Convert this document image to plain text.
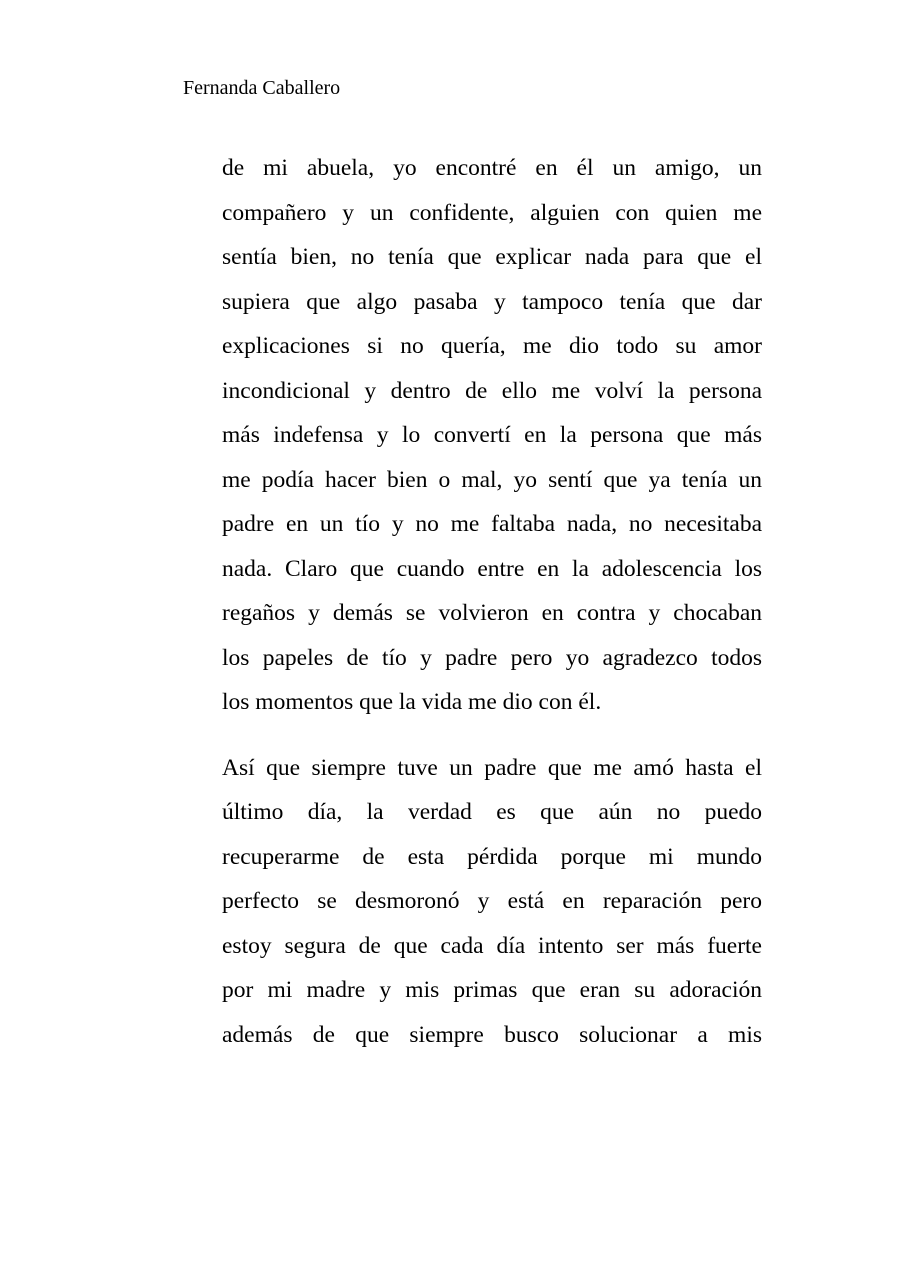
Fernanda Caballero

de mi abuela, yo encontré en él un amigo, un
compañero y un confidente, alguien con quien me
sentía bien, no tenía que explicar nada para que el
supiera que algo pasaba y tampoco tenía que dar
explicaciones si no quería, me dio todo su amor
incondicional y dentro de ello me volví la persona
más indefensa y lo convertí en la persona que más
me podía hacer bien o mal, yo sentí que ya tenía un
padre en un tío y no me faltaba nada, no necesitaba
nada. Claro que cuando entre en la adolescencia los
regaños y demás se volvieron en contra y chocaban
los papeles de tío y padre pero yo agradezco todos
los momentos que la vida me dio con él.

Así que siempre tuve un padre que me amó hasta el
último día, la verdad es que aún no puedo
recuperarme de esta pérdida porque mi mundo
perfecto se desmoronó y está en reparación pero
estoy segura de que cada día intento ser más fuerte
por mi madre y mis primas que eran su adoración
además de que siempre busco solucionar a mis
